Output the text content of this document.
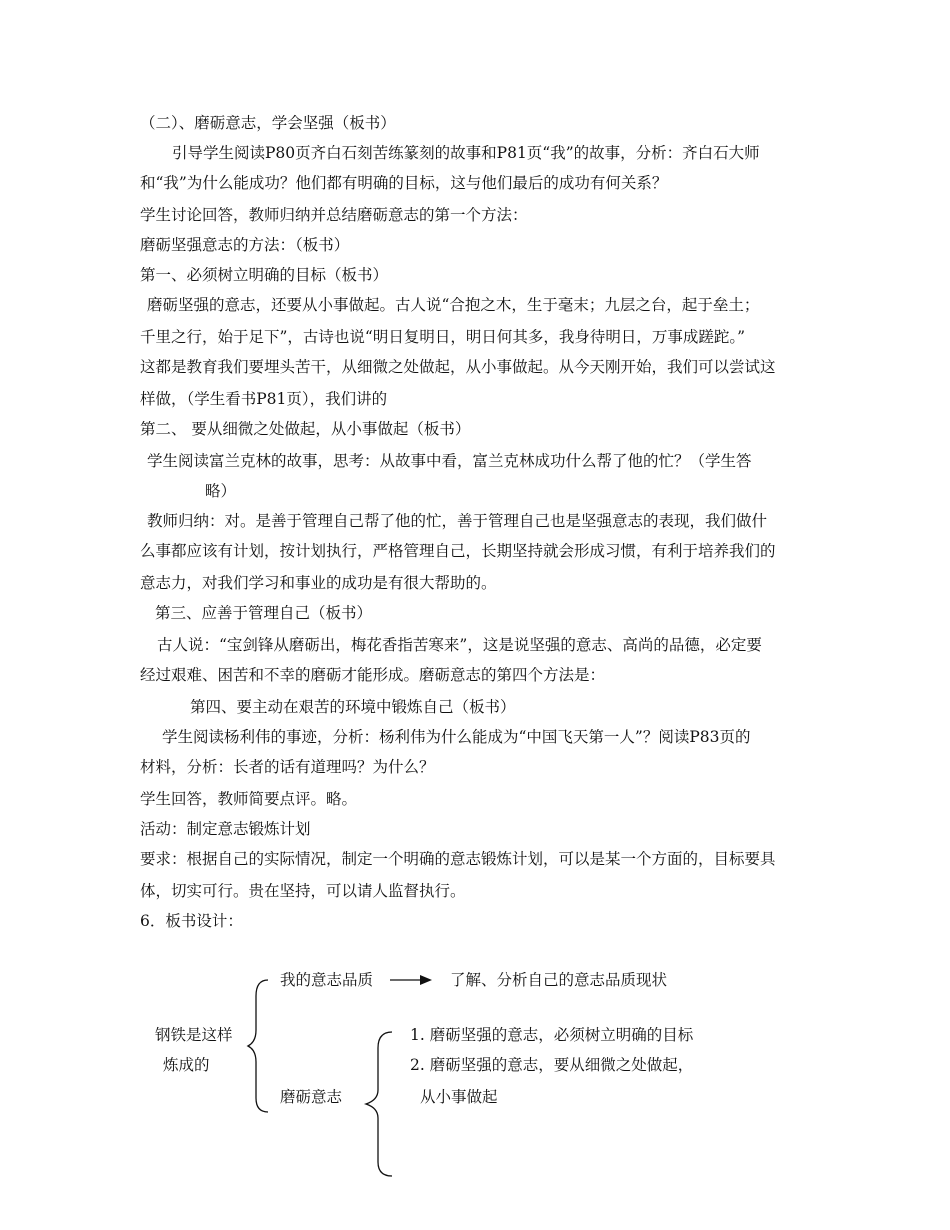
（二）、磨砺意志，学会坚强（板书）
引导学生阅读P80页齐白石刻苦练篆刻的故事和P81页“我”的故事，分析：齐白石大师
和“我”为什么能成功？他们都有明确的目标，这与他们最后的成功有何关系？
学生讨论回答，教师归纳并总结磨砺意志的第一个方法：
磨砺坚强意志的方法：（板书）
第一、必须树立明确的目标（板书）
磨砺坚强的意志，还要从小事做起。古人说“合抱之木，生于毫末；九层之台，起于垒土；
千里之行，始于足下”，古诗也说“明日复明日，明日何其多，我身待明日，万事成蹉跎。”
这都是教育我们要埋头苦干，从细微之处做起，从小事做起。从今天刚开始，我们可以尝试这
样做，（学生看书P81页），我们讲的
第二、 要从细微之处做起，从小事做起（板书）
学生阅读富兰克林的故事，思考：从故事中看，富兰克林成功什么帮了他的忙？（学生答
略）
教师归纳：对。是善于管理自己帮了他的忙，善于管理自己也是坚强意志的表现，我们做什
么事都应该有计划，按计划执行，严格管理自己，长期坚持就会形成习惯，有利于培养我们的
意志力，对我们学习和事业的成功是有很大帮助的。
第三、应善于管理自己（板书）
古人说：“宝剑锋从磨砺出，梅花香指苦寒来”，这是说坚强的意志、高尚的品德，必定要
经过艰难、困苦和不幸的磨砺才能形成。磨砺意志的第四个方法是：
第四、要主动在艰苦的环境中锻炼自己（板书）
学生阅读杨利伟的事迹，分析：杨利伟为什么能成为“中国飞天第一人”？阅读P83页的
材料，分析：长者的话有道理吗？为什么？
学生回答，教师简要点评。略。
活动：制定意志锻炼计划
要求：根据自己的实际情况，制定一个明确的意志锻炼计划，可以是某一个方面的，目标要具
体，切实可行。贵在坚持，可以请人监督执行。
6．板书设计：
钢铁是这样
炼成的
我的意志品质	了解、分析自己的意志品质现状
磨砺意志
1. 磨砺坚强的意志，必须树立明确的目标
2. 磨砺坚强的意志，要从细微之处做起，
从小事做起
